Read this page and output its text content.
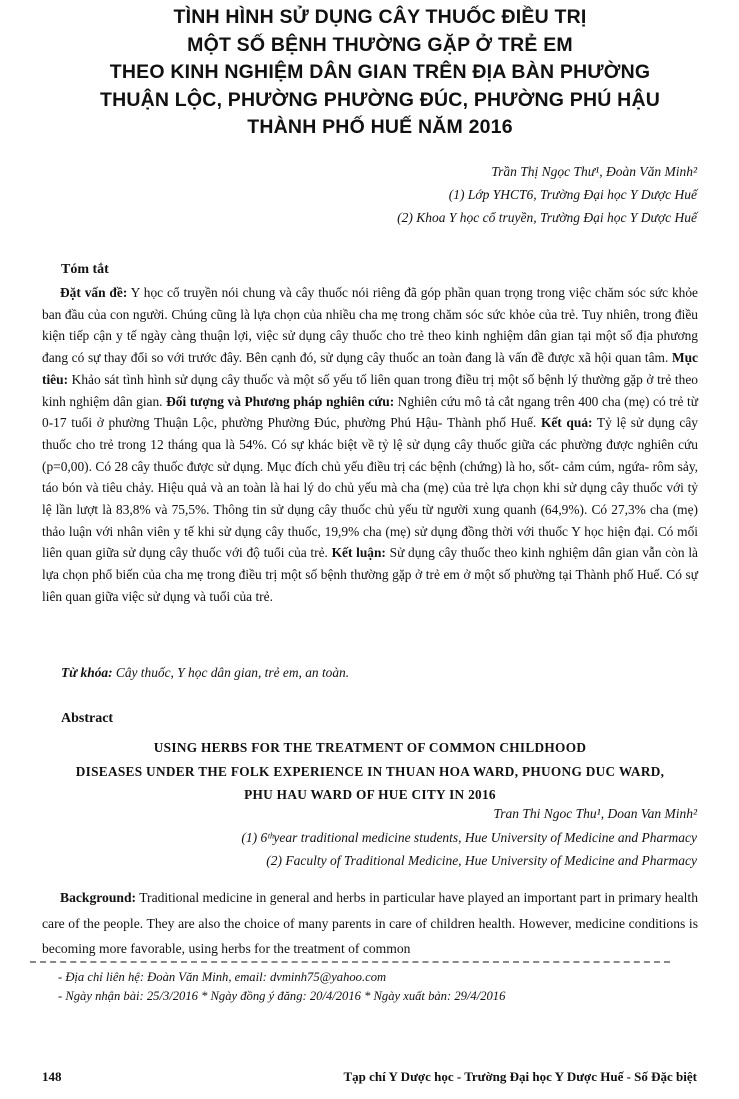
TÌNH HÌNH SỬ DỤNG CÂY THUỐC ĐIỀU TRỊ
MỘT SỐ BỆNH THƯỜNG GẶP Ở TRẺ EM
THEO KINH NGHIỆM DÂN GIAN TRÊN ĐỊA BÀN PHƯỜNG
THUẬN LỘC, PHƯỜNG PHƯỜNG ĐÚC, PHƯỜNG PHÚ HẬU
THÀNH PHỐ HUẾ NĂM 2016
Trần Thị Ngọc Thư¹, Đoàn Văn Minh²
(1) Lớp YHCT6, Trường Đại học Y Dược Huế
(2) Khoa Y học cổ truyền, Trường Đại học Y Dược Huế
Tóm tắt
Đặt vấn đề: Y học cổ truyền nói chung và cây thuốc nói riêng đã góp phần quan trọng trong việc chăm sóc sức khỏe ban đầu của con người. Chúng cũng là lựa chọn của nhiều cha mẹ trong chăm sóc sức khỏe của trẻ. Tuy nhiên, trong điều kiện tiếp cận y tế ngày càng thuận lợi, việc sử dụng cây thuốc cho trẻ theo kinh nghiệm dân gian tại một số địa phương đang có sự thay đổi so với trước đây. Bên cạnh đó, sử dụng cây thuốc an toàn đang là vấn đề được xã hội quan tâm. Mục tiêu: Khảo sát tình hình sử dụng cây thuốc và một số yếu tố liên quan trong điều trị một số bệnh lý thường gặp ở trẻ theo kinh nghiệm dân gian. Đối tượng và Phương pháp nghiên cứu: Nghiên cứu mô tả cắt ngang trên 400 cha (mẹ) có trẻ từ 0-17 tuổi ở phường Thuận Lộc, phường Phường Đúc, phường Phú Hậu- Thành phố Huế. Kết quả: Tỷ lệ sử dụng cây thuốc cho trẻ trong 12 tháng qua là 54%. Có sự khác biệt về tỷ lệ sử dụng cây thuốc giữa các phường được nghiên cứu (p=0,00). Có 28 cây thuốc được sử dụng. Mục đích chủ yếu điều trị các bệnh (chứng) là ho, sốt- cảm cúm, ngứa- rôm sảy, táo bón và tiêu chảy. Hiệu quả và an toàn là hai lý do chủ yếu mà cha (mẹ) của trẻ lựa chọn khi sử dụng cây thuốc với tỷ lệ lần lượt là 83,8% và 75,5%. Thông tin sử dụng cây thuốc chủ yếu từ người xung quanh (64,9%). Có 27,3% cha (mẹ) thảo luận với nhân viên y tế khi sử dụng cây thuốc, 19,9% cha (mẹ) sử dụng đồng thời với thuốc Y học hiện đại. Có mối liên quan giữa sử dụng cây thuốc với độ tuổi của trẻ. Kết luận: Sử dụng cây thuốc theo kinh nghiệm dân gian vẫn còn là lựa chọn phổ biến của cha mẹ trong điều trị một số bệnh thường gặp ở trẻ em ở một số phường tại Thành phố Huế. Có sự liên quan giữa việc sử dụng và tuổi của trẻ.
Từ khóa: Cây thuốc, Y học dân gian, trẻ em, an toàn.
Abstract
USING HERBS FOR THE TREATMENT OF COMMON CHILDHOOD
DISEASES UNDER THE FOLK EXPERIENCE IN THUAN HOA WARD, PHUONG DUC WARD,
PHU HAU WARD OF HUE CITY IN 2016
Tran Thi Ngoc Thu¹, Doan Van Minh²
(1) 6ᵗʰyear traditional medicine students, Hue University of Medicine and Pharmacy
(2) Faculty of Traditional Medicine, Hue University of Medicine and Pharmacy
Background: Traditional medicine in general and herbs in particular have played an important part in primary health care of the people. They are also the choice of many parents in care of children health. However, medicine conditions is becoming more favorable, using herbs for the treatment of common
- Địa chỉ liên hệ: Đoàn Văn Minh, email: dvminh75@yahoo.com
- Ngày nhận bài: 25/3/2016 * Ngày đồng ý đăng: 20/4/2016 * Ngày xuất bản: 29/4/2016
148	Tạp chí Y Dược học - Trường Đại học Y Dược Huế - Số Đặc biệt
